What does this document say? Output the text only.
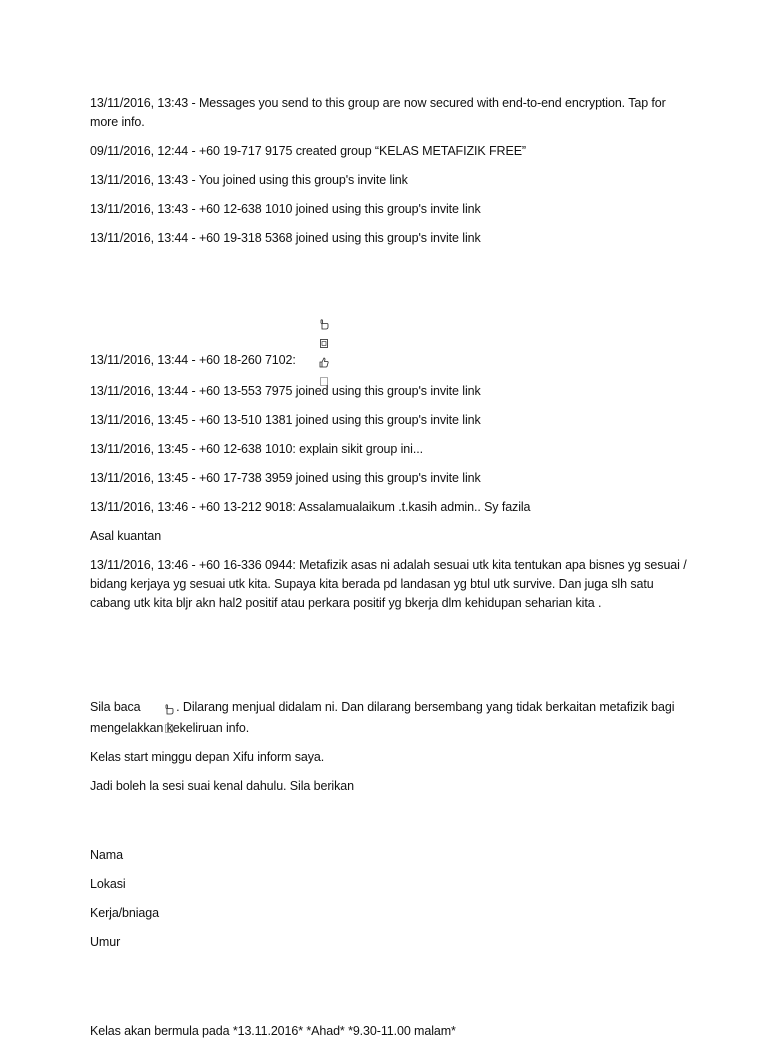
13/11/2016, 13:43 - Messages you send to this group are now secured with end-to-end encryption. Tap for more info.

09/11/2016, 12:44 - +60 19-717 9175 created group “KELAS METAFIZIK FREE”

13/11/2016, 13:43 - You joined using this group's invite link

13/11/2016, 13:43 - +60 12-638 1010 joined using this group's invite link

13/11/2016, 13:44 - +60 19-318 5368 joined using this group's invite link

13/11/2016, 13:44 - +60 18-260 7102:

13/11/2016, 13:44 - +60 13-553 7975 joined using this group's invite link

13/11/2016, 13:45 - +60 13-510 1381 joined using this group's invite link

13/11/2016, 13:45 - +60 12-638 1010: explain sikit group ini...

13/11/2016, 13:45 - +60 17-738 3959 joined using this group's invite link

13/11/2016, 13:46 - +60 13-212 9018: Assalamualaikum .t.kasih admin.. Sy fazila

Asal kuantan

13/11/2016, 13:46 - +60 16-336 0944: Metafizik asas ni adalah sesuai utk kita tentukan apa bisnes yg sesuai / bidang kerjaya yg sesuai utk kita. Supaya kita berada pd landasan yg btul utk survive. Dan juga slh satu cabang utk kita bljr akn hal2 positif atau perkara positif yg bkerja dlm kehidupan seharian kita .

Sila baca

	. Dilarang menjual didalam ni. Dan dilarang bersembang yang tidak berkaitan metafizik bagi mengelakkan kekeliruan info.

Kelas start minggu depan Xifu inform saya.

Jadi boleh la sesi suai kenal dahulu. Sila berikan

Nama

Lokasi

Kerja/bniaga

Umur

Kelas akan bermula pada *13.11.2016* *Ahad* *9.30-11.00 malam*
